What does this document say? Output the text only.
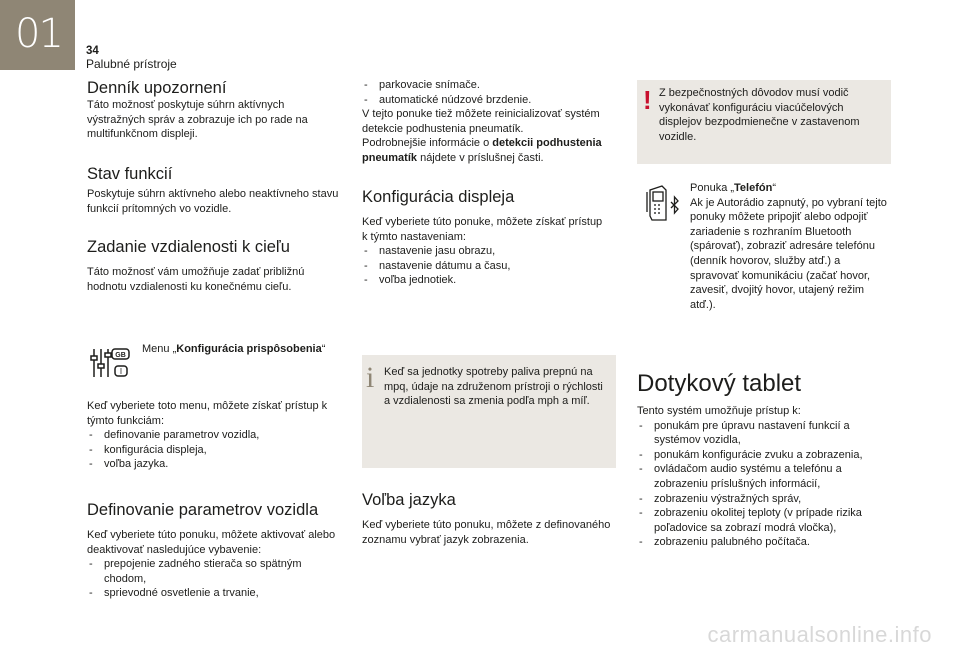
01 34
Palubné prístroje
Denník upozornení
Táto možnosť poskytuje súhrn aktívnych výstražných správ a zobrazuje ich po rade na multifunkčnom displeji.
Stav funkcií
Poskytuje súhrn aktívneho alebo neaktívneho stavu funkcií prítomných vo vozidle.
Zadanie vzdialenosti k cieľu
Táto možnosť vám umožňuje zadať približnú hodnotu vzdialenosti ku konečnému cieľu.
GB
I
Menu „Konfigurácia prispôsobenia“
Keď vyberiete toto menu, môžete získať prístup k týmto funkciám:
- definovanie parametrov vozidla,
- konfigurácia displeja,
- voľba jazyka.
Definovanie parametrov vozidla
Keď vyberiete túto ponuku, môžete aktivovať alebo deaktivovať nasledujúce vybavenie:
- prepojenie zadného stierača so spätným chodom,
- sprievodné osvetlenie a trvanie,
- parkovacie snímače.
- automatické núdzové brzdenie.
V tejto ponuke tiež môžete reinicializovať systém detekcie podhustenia pneumatík.
Podrobnejšie informácie o detekcii podhustenia pneumatík nájdete v príslušnej časti.
Konfigurácia displeja
Keď vyberiete túto ponuke, môžete získať prístup k týmto nastaveniam:
- nastavenie jasu obrazu,
- nastavenie dátumu a času,
- voľba jednotiek.
i Keď sa jednotky spotreby paliva prepnú na mpq, údaje na združenom prístroji o rýchlosti a vzdialenosti sa zmenia podľa mph a míľ.
Voľba jazyka
Keď vyberiete túto ponuku, môžete z definovaného zoznamu vybrať jazyk zobrazenia.
! Z bezpečnostných dôvodov musí vodič vykonávať konfiguráciu viacúčelových displejov bezpodmienečne v zastavenom vozidle.
Ponuka „Telefón“
Ak je Autorádio zapnutý, po vybraní tejto ponuky môžete pripojiť alebo odpojiť zariadenie s rozhraním Bluetooth (spárovať), zobraziť adresáre telefónu (denník hovorov, služby atď.) a spravovať komunikáciu (začať hovor, zavesiť, dvojitý hovor, utajený režim atď.).
Dotykový tablet
Tento systém umožňuje prístup k:
- ponukám pre úpravu nastavení funkcií a systémov vozidla,
- ponukám konfigurácie zvuku a zobrazenia,
- ovládačom audio systému a telefónu a zobrazeniu príslušných informácií,
- zobrazeniu výstražných správ,
- zobrazeniu okolitej teploty (v prípade rizika poľadovice sa zobrazí modrá vločka),
- zobrazeniu palubného počítača.
carmanualsonline.info
